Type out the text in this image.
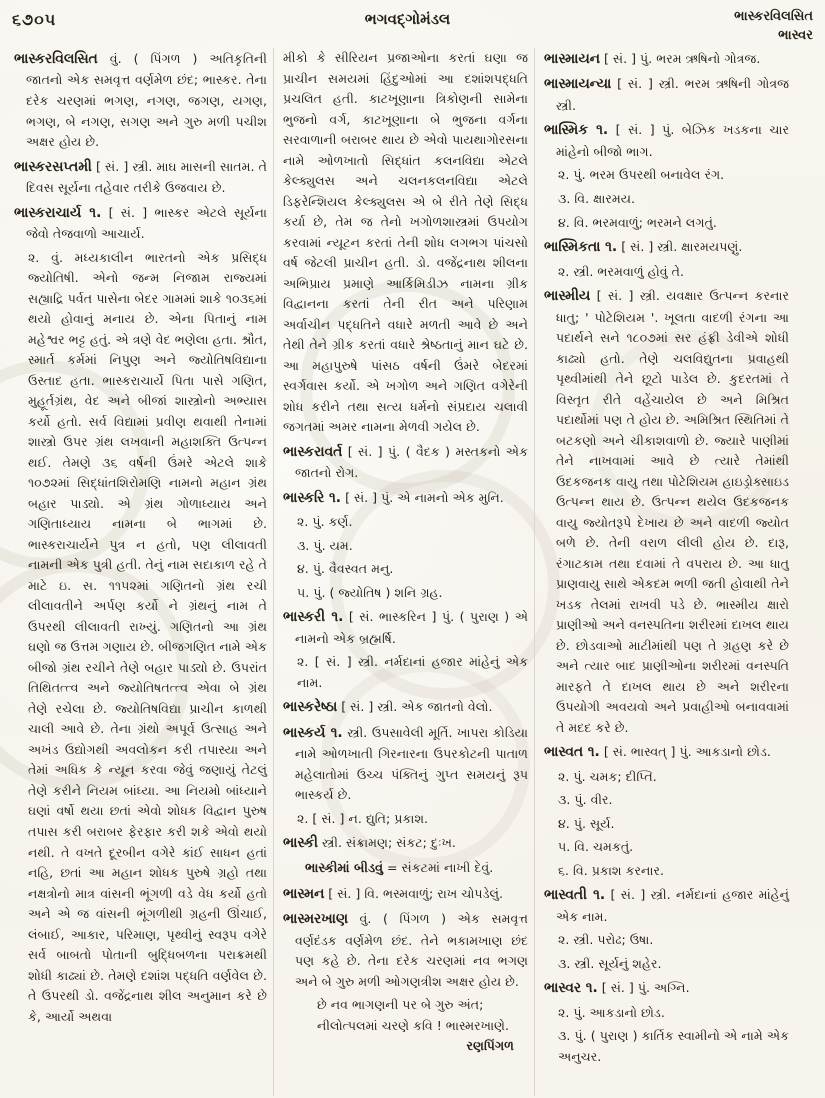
૬૭૦૫	ભગવદ્ગોમંડલ	ભાસ્કરવિલસિત
ભાસ્વર

ભાસ્કરવિલસિત વું. ( પિંગળ ) અતિકૃતિની જાતનો એક સમવૃત્ત વર્ણમેળ છંદ; ભાસ્કર. તેના દરેક ચરણમાં ભગણ, નગણ, જગણ, યગણ, ભગણ, બે નગણ, સગણ અને ગુરુ મળી પચીશ અક્ષર હોય છે.

ભાસ્કરસપ્તમી [ સં. ] સ્ત્રી. માઘ માસની સાતમ. તે દિવસ સૂર્યના તહેવાર તરીકે ઉજવાય છે.

ભાસ્કરાચાર્ય ૧. [ સં. ] ભાસ્કર એટલે સૂર્યના જેવો તેજવાળો આચાર્ય.

૨. વું. મધ્યકાલીન ભારતનો એક પ્રસિદ્ધ જ્યોતિષી. એનો જન્મ નિજામ રાજ્યમાં સહ્યાદ્રિ પર્વત પાસેના બેદર ગામમાં શાકે ૧૦૩૬માં થયો હોવાનું મનાય છે. એના પિતાનું નામ મહેશ્વર ભટ્ટ હતું. એ ત્રણે વેદ ભણેલા હતા. શ્રૌત, સ્માર્ત કર્મમાં નિપુણ અને જ્યોતિષવિદ્યાના ઉસ્તાદ હતા. ભાસ્કરાચાર્યે પિતા પાસે ગણિત, મુહૂર્તગ્રંથ, વેદ અને બીજાં શાસ્ત્રોનો અભ્યાસ કર્યો હતો. સર્વ વિદ્યામાં પ્રવીણ થવાથી તેનામાં શાસ્ત્રો ઉપર ગ્રંથ લખવાની મહાશક્તિ ઉત્પન્ન થઈ. તેમણે ૩૬ વર્ષની ઉંમરે એટલે શાકે ૧૦૭૨માં સિદ્ધાંતશિરોમણિ નામનો મહાન ગ્રંથ બહાર પાડ્યો. એ ગ્રંથ ગોળાધ્યાય અને ગણિતાધ્યાય નામના બે ભાગમાં છે. ભાસ્કરાચાર્યને પુત્ર ન હતો, પણ લીલાવતી નામની એક પુત્રી હતી. તેનું નામ સદાકાળ રહે તે માટે ઇ. સ. ૧૧૫૨માં ગણિતનો ગ્રંથ રચી લીલાવતીને અર્પણ કર્યો ને ગ્રંથનું નામ તે ઉપરથી લીલાવતી રાખ્યું. ગણિતનો આ ગ્રંથ ઘણો જ ઉત્તમ ગણાય છે. બીજગણિત નામે એક બીજો ગ્રંથ રચીને તેણે બહાર પાડ્યો છે. ઉપરાંત તિથિતત્ત્વ અને જ્યોતિષતત્ત્વ એવા બે ગ્રંથ તેણે રચેલા છે. જ્યોતિષવિદ્યા પ્રાચીન કાળથી ચાલી આવે છે. તેના ગ્રંથો અપૂર્વ ઉત્સાહ અને અખંડ ઉદ્યોગથી અવલોકન કરી તપાસ્યા અને તેમાં અધિક કે ન્યૂન કરવા જેવું જણાયું તેટલું તેણે કરીને નિયમ બાંધ્યા. આ નિયમો બાંધ્યાને ઘણાં વર્ષો થયા છતાં એવો શોધક વિદ્વાન પુરુષ તપાસ કરી બરાબર ફેરફાર કરી શકે એવો થયો નથી. તે વખતે દૂરબીન વગેરે કાંઈ સાધન હતાં નહિ, છતાં આ મહાન શોધક પુરુષે ગ્રહો તથા નક્ષત્રોનો માત્ર વાંસની ભૂંગળી વડે વેધ કર્યો હતો અને એ જ વાંસની ભૂંગળીથી ગ્રહની ઊંચાઈ, લંબાઈ, આકાર, પરિમાણ, પૃથ્વીનું સ્વરૂપ વગેરે સર્વ બાબતો પોતાની બુદ્ધિબળના પરાક્રમથી શોધી કાઢ્યાં છે. તેમણે દશાંશ પદ્ધતિ વર્ણવેલ છે. તે ઉપરથી ડો. વજેંદ્રનાથ શીલ અનુમાન કરે છે કે, આર્યો અથવા

મીકો કે સીરિયન પ્રજાઓના કરતાં ઘણા જ પ્રાચીન સમયમાં હિંદુઓમાં આ દશાંશપદ્ધતિ પ્રચલિત હતી. કાટખૂણાના ત્રિકોણની સામેના ભુજનો વર્ગ, કાટખૂણાના બે ભુજના વર્ગના સરવાળાની બરાબર થાય છે એવો પાયથાગોરસના નામે ઓળખાતો સિદ્ધાંત કલનવિદ્યા એટલે કેલ્ક્યુલસ અને ચલનકલનવિદ્યા એટલે ડિફરેન્શિયલ કેલ્ક્યુલસ એ બે રીતે તેણે સિદ્ધ કર્યા છે, તેમ જ તેનો ખગોળશાસ્ત્રમાં ઉપયોગ કરવામાં ન્યૂટન કરતાં તેની શોધ લગભગ પાંચસો વર્ષ જેટલી પ્રાચીન હતી. ડો. વજેંદ્રનાથ શીલના અભિપ્રાય પ્રમાણે આર્કિમિડીઝ નામના ગ્રીક વિદ્વાનના કરતાં તેની રીત અને પરિણામ અર્વાચીન પદ્ધતિને વધારે મળતી આવે છે અને તેથી તેને ગ્રીક કરતાં વધારે શ્રેષ્ઠતાનું માન ઘટે છે. આ મહાપુરુષે પાંસઠ વર્ષની ઉંમરે બેદરમાં સ્વર્ગવાસ કર્યો. એ ખગોળ અને ગણિત વગેરેની શોધ કરીને તથા સત્ય ધર્મનો સંપ્રદાય ચલાવી જગતમાં અમર નામના મેળવી ગયેલ છે.

ભાસ્કરાવર્ત [ સં. ] પું. ( વૈદક ) મસ્તકનો એક જાતનો રોગ.

ભાસ્કરિ ૧. [ સં. ] પું. એ નામનો એક મુનિ.

૨. પું. કર્ણ.

૩. પું. યમ.

૪. પું. વૈવસ્વત મનુ.

૫. પું. ( જ્યોતિષ ) શનિ ગ્રહ.

ભાસ્કરી ૧. [ સં. ભાસ્કરિન ] પું. ( પુરાણ ) એ નામનો એક બ્રહ્મર્ષિ.

૨. [ સં. ] સ્ત્રી. નર્મદાનાં હજાર માંહેનું એક નામ.

ભાસ્કરેષ્ઠા [ સં. ] સ્ત્રી. એક જાતનો વેલો.

ભાસ્કર્ય ૧. સ્ત્રી. ઉપસાવેલી મૂર્તિ. ખાપરા કોડિયા નામે ઓળખાતી ગિરનારના ઉપરકોટની પાતાળ મહેલાતોમાં ઉચ્ચ પંક્તિનું ગુપ્ત સમયનું રૂપ ભાસ્કર્ય છે.

૨. [ સં. ] ન. દ્યુતિ; પ્રકાશ.

ભાસ્કી સ્ત્રી. સંક્રામણ; સંકટ; દુઃખ.

ભાસ્કીમાં બીડવું = સંકટમાં નાખી દેવું.

ભાસ્મન [ સં. ] વિ. ભસ્મવાળું; રાખ ચોપડેલું.

ભાસ્મરખાણ વું. ( પિંગળ ) એક સમવૃત્ત વર્ણદંડક વર્ણમેળ છંદ. તેને ભકામખાણ છંદ પણ કહે છે. તેના દરેક ચરણમાં નવ ભગણ અને બે ગુરુ મળી ઓગણત્રીશ અક્ષર હોય છે.

છે નવ ભાગણની પર બે ગુરુ અંત;

નીલોત્પલમાં ચરણે કવિ ! ભાસ્મરખાણે.

રણપિંગળ

ભાસ્માયન [ સં. ] પું. ભરમ ઋષિનો ગોત્રજ.

ભાસ્માયન્યા [ સં. ] સ્ત્રી. ભરમ ઋષિની ગોત્રજ સ્ત્રી.

ભાસ્મિક ૧. [ સં. ] પું. બેઝિક ખડકના ચાર માંહેનો બીજો ભાગ.

૨. પું. ભરમ ઉપરથી બનાવેલ રંગ.

૩. વિ. ક્ષારમય.

૪. વિ. ભરમવાળું; ભરમને લગતું.

ભાસ્મિકતા ૧. [ સં. ] સ્ત્રી. ક્ષારમયપણું.

૨. સ્ત્રી. ભરમવાળું હોવું તે.

ભાસ્મીય [ સં. ] સ્ત્રી. યવક્ષાર ઉત્પન્ન કરનાર ધાતુ; ' પોટેશિયમ '. ખૂલતા વાદળી રંગના આ પદાર્થને સને ૧૮૦૭માં સર હંફ્રી ડેવીએ શોધી કાઢ્યો હતો. તેણે ચલવિદ્યુતના પ્રવાહથી પૃથ્વીમાંથી તેને છૂટો પાડેલ છે. કુદરતમાં તે વિસ્તૃત રીતે વહેંચાયેલ છે અને મિશ્રિત પદાર્થોમાં પણ તે હોય છે. અમિશ્રિત સ્થિતિમાં તે બટકણો અને ચીકાશવાળો છે. જ્યારે પાણીમાં તેને નાખવામાં આવે છે ત્યારે તેમાંથી ઉદકજનક વાયુ તથા પોટેશિયમ હાઇડ્રોક્સાઇડ ઉત્પન્ન થાય છે. ઉત્પન્ન થયેલ ઉદકજનક વાયુ જ્યોતરૂપે દેખાય છે અને વાદળી જ્યોત બળે છે. તેની વરાળ લીલી હોય છે. દારૂ, રંગાટકામ તથા દવામાં તે વપરાય છે. આ ધાતુ પ્રાણવાયુ સાથે એકદમ ભળી જતી હોવાથી તેને ખડક તેલમાં રાખવી પડે છે. ભાસ્મીય ક્ષારો પ્રાણીઓ અને વનસ્પતિના શરીરમાં દાખલ થાય છે. છોડવાઓ માટીમાંથી પણ તે ગ્રહણ કરે છે અને ત્યાર બાદ પ્રાણીઓના શરીરમાં વનસ્પતિ મારફતે તે દાખલ થાય છે અને શરીરના ઉપયોગી અવયવો અને પ્રવાહીઓ બનાવવામાં તે મદદ કરે છે.

ભાસ્વત ૧. [ સં. ભાસ્વત્ ] પું. આકડાનો છોડ.

૨. પું. ચમક; દીપ્તિ.

૩. પું. વીર.

૪. પું. સૂર્ય.

૫. વિ. ચમકતું.

૬. વિ. પ્રકાશ કરનાર.

ભાસ્વતી ૧. [ સં. ] સ્ત્રી. નર્મદાનાં હજાર માંહેનું એક નામ.

૨. સ્ત્રી. પરોઢ; ઉષા.

૩. સ્ત્રી. સૂર્યનું શહેર.

ભાસ્વર ૧. [ સં. ] પું. અગ્નિ.

૨. પું. આકડાનો છોડ.

૩. પું. ( પુરાણ ) કાર્તિક સ્વામીનો એ નામે એક અનુચર.
